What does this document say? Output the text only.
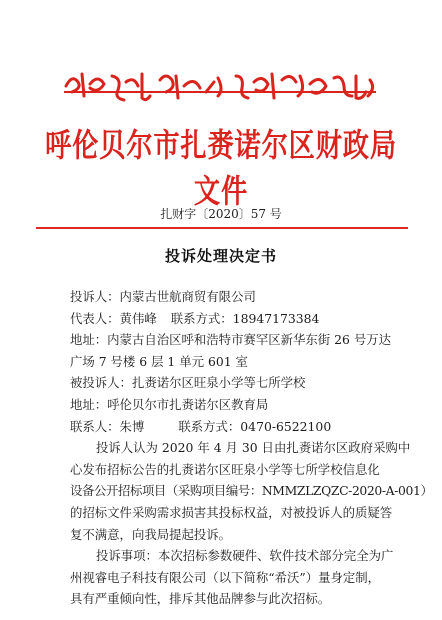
呼伦贝尔市扎赉诺尔区财政局文件
扎财字〔2020〕57 号
投诉处理决定书
投诉人：内蒙古世航商贸有限公司
代表人：黄伟峰 联系方式：18947173384
地址：内蒙古自治区呼和浩特市赛罕区新华东街 26 号万达
广场 7 号楼 6 层 1 单元 601 室
被投诉人：扎赉诺尔区旺泉小学等七所学校
地址：呼伦贝尔市扎赉诺尔区教育局
联系人：朱博	联系方式：0470-6522100
投诉人认为 2020 年 4 月 30 日由扎赉诺尔区政府采购中
心发布招标公告的扎赉诺尔区旺泉小学等七所学校信息化
设备公开招标项目（采购项目编号：NMMZLZQZC-2020-A-001）
的招标文件采购需求损害其投标权益，对被投诉人的质疑答
复不满意，向我局提起投诉。
投诉事项：本次招标参数硬件、软件技术部分完全为广
州视睿电子科技有限公司（以下简称“希沃”）量身定制，
具有严重倾向性，排斥其他品牌参与此次招标。
